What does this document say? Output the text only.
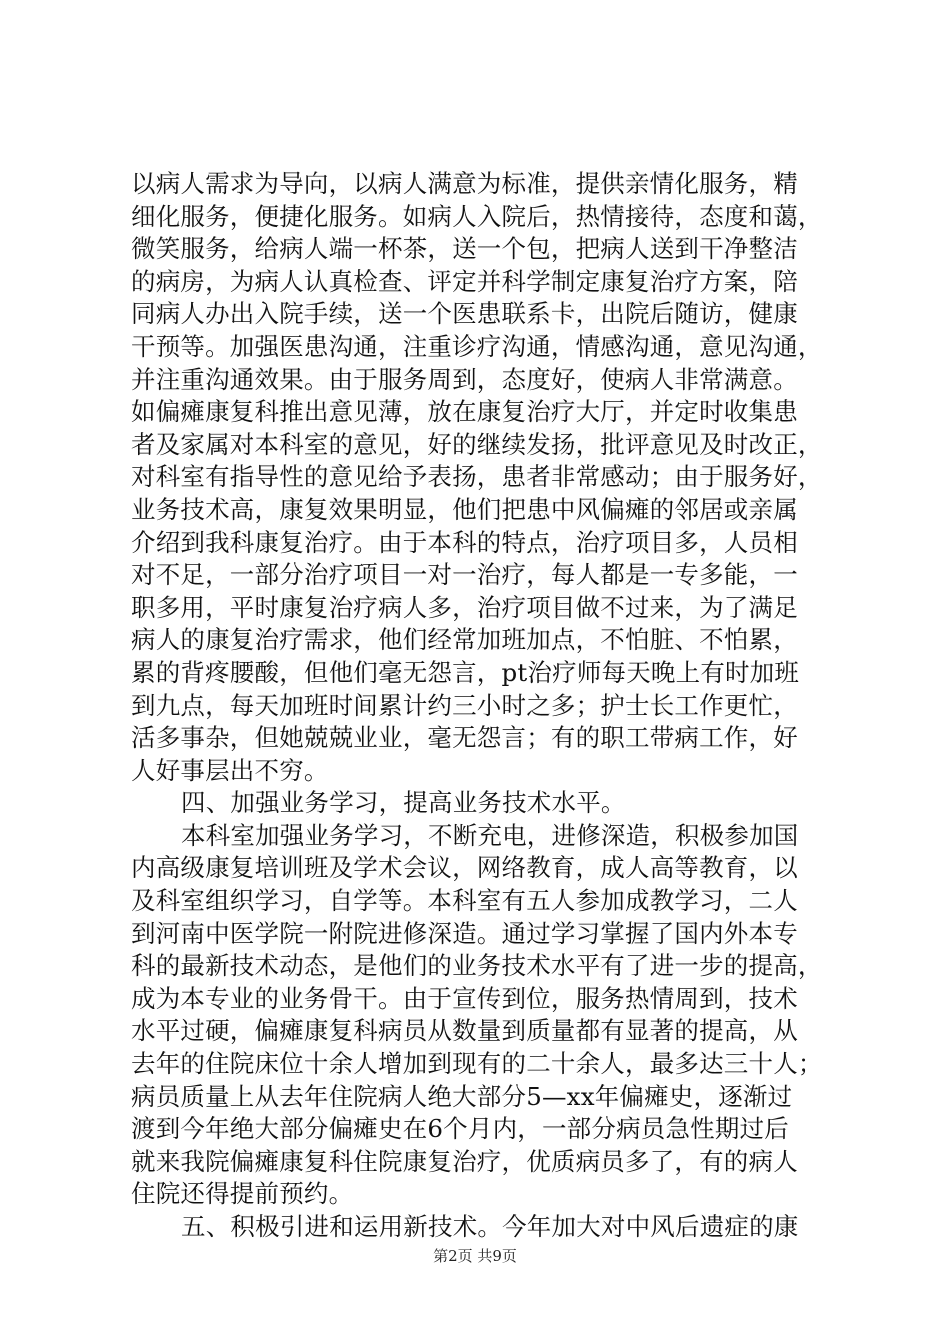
以病人需求为导向，以病人满意为标准，提供亲情化服务，精
细化服务，便捷化服务。如病人入院后，热情接待，态度和蔼，
微笑服务，给病人端一杯茶，送一个包，把病人送到干净整洁
的病房，为病人认真检查、评定并科学制定康复治疗方案，陪
同病人办出入院手续，送一个医患联系卡，出院后随访，健康
干预等。加强医患沟通，注重诊疗沟通，情感沟通，意见沟通，
并注重沟通效果。由于服务周到，态度好，使病人非常满意。
如偏瘫康复科推出意见薄，放在康复治疗大厅，并定时收集患
者及家属对本科室的意见，好的继续发扬，批评意见及时改正，
对科室有指导性的意见给予表扬，患者非常感动；由于服务好，
业务技术高，康复效果明显，他们把患中风偏瘫的邻居或亲属
介绍到我科康复治疗。由于本科的特点，治疗项目多，人员相
对不足，一部分治疗项目一对一治疗，每人都是一专多能，一
职多用，平时康复治疗病人多，治疗项目做不过来，为了满足
病人的康复治疗需求，他们经常加班加点，不怕脏、不怕累，
累的背疼腰酸，但他们毫无怨言，pt治疗师每天晚上有时加班
到九点，每天加班时间累计约三小时之多；护士长工作更忙，
活多事杂，但她兢兢业业，毫无怨言；有的职工带病工作，好
人好事层出不穷。
四、加强业务学习，提高业务技术水平。
本科室加强业务学习，不断充电，进修深造，积极参加国
内高级康复培训班及学术会议，网络教育，成人高等教育，以
及科室组织学习，自学等。本科室有五人参加成教学习，二人
到河南中医学院一附院进修深造。通过学习掌握了国内外本专
科的最新技术动态，是他们的业务技术水平有了进一步的提高，
成为本专业的业务骨干。由于宣传到位，服务热情周到，技术
水平过硬，偏瘫康复科病员从数量到质量都有显著的提高，从
去年的住院床位十余人增加到现有的二十余人，最多达三十人；
病员质量上从去年住院病人绝大部分5—xx年偏瘫史，逐渐过
渡到今年绝大部分偏瘫史在6个月内，一部分病员急性期过后
就来我院偏瘫康复科住院康复治疗，优质病员多了，有的病人
住院还得提前预约。
五、积极引进和运用新技术。今年加大对中风后遗症的康
第2页 共9页
